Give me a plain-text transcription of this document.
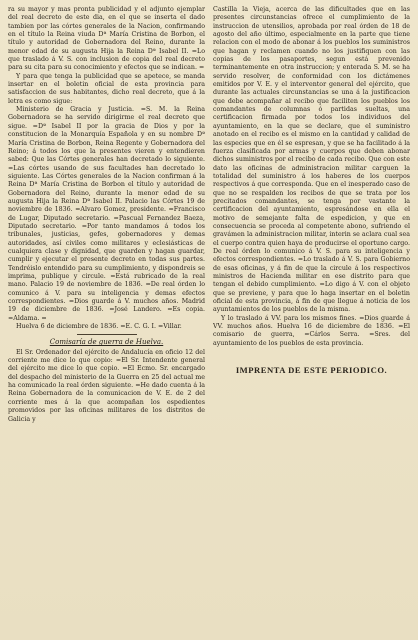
ra su mayor y mas pronta publicidad y el adjunto ejemplar del real decreto de este dia, en el que se inserta el dado tambien por las córtes generales de la Nacion, confirmando en el título la Reina viuda Dª María Cristina de Borbon, el título y autoridad de Gobernadora del Reino, durante la menor edad de su augusta Hija la Reina Dª Isabel II. =Lo que traslado á V. S. con inclusion de copia del real decreto para su cita para su conocimiento y efectos que se indican. =

Y para que tenga la publicidad que se apetece, se manda insertar en el boletin oficial de esta provincia para satisfaccion de sus habitantes, dicho real decreto, que á la letra es como sigue:

Ministerio de Gracia y Justicia. =S. M. la Reina Gobernadora se ha servido dirigirme el real decreto que sigue. =Dª Isabel II por la gracia de Dios y por la constitucion de la Monarquía Española y en su nombre Dª María Cristina de Borbon, Reina Regente y Gobernadora del Reino; á todos los que la presentes vieren y entendieren sabed: Que las Córtes generales han decretado lo siguiente. =Las córtes usando de sus facultades han decretado lo siguiente. Las Córtes generales de la Nacion confirman á la Reina Dª María Cristina de Borbon el título y autoridad de Gobernadora del Reino, durante la menor edad de su augusta Hija la Reina Dª Isabel II. Palacio las Córtes 19 de noviembre de 1836. =Alvaro Gomez, presidente. =Francisco de Lugar, Diputado secretario. =Pascual Fernandez Baeza, Diputado secretario. =Por tanto mandamos á todos los tribunales, justicias, gefes, gobernadores y demas autoridades, así civiles como militares y eclesiásticas de cualquiera clase y dignidad, que guarden y hagan guardar, cumplir y ejecutar el presente decreto en todas sus partes. Tendréislo entendido para su cumplimiento, y dispondreis se imprima, publique y circule. =Está rubricado de la real mano. Palacio 19 de noviembre de 1836. =De real órden lo comunico á V. para su inteligencia y demas efectos correspondientes. =Dios guarde á V. muchos años. Madrid 19 de diciembre de 1836. =José Landero. =Es copia. =Aldama. =

Huelva 6 de diciembre de 1836. =E. C. G. I. =Villar.

Comisaría de guerra de Huelva.

El Sr. Ordenador del ejército de Andalucía en oficio 12 del corriente me dice lo que copio: =El Sr. Intendente general del ejército me dice lo que copio. =El Ecmo. Sr. encargado del despacho del ministerio de la Guerra en 25 del actual me ha comunicado la real órden siguiente. =He dado cuenta á la Reina Gobernadora de la comunicacion de V. E. de 2 del corriente mes á la que acompañan los espedientes promovidos por las oficinas militares de los distritos de Galicia y

Castilla la Vieja, acerca de las dificultades que en las presentes circunstancias ofrece el cumplimiento de la instruccion de utensilios, aprobada por real órden de 18 de agosto del año último, especialmente en la parte que tiene relacion con el modo de abonar á los pueblos los suministros que hagan y reclamen cuando no los justifiquen con las copias de los pasaportes, segun está prevenido terminantemente en otra instruccion; y enterada S. M. se ha servido resolver, de conformidad con los dictámenes emitidos por V. E. y el interventor general del ejército, que durante las actuales circunstancias se una á la justificacion que debe acompañar al recibo que faciliten los pueblos los comandantes de columnas ó partidas sueltas, una certificacion firmada por todos los individuos del ayuntamiento, en la que se declare, que el suministro anotado en el recibo es el mismo en la cantidad y calidad de las especies que en él se espresan, y que se ha facilitado á la fuerza clasificada por armas y cuerpos que deben abonar dichos suministros por el recibo de cada recibo. Que con este dato las oficinas de administracion militar carguen la totalidad del suministro á los haberes de los cuerpos respectivos á que corresponda. Que en el inesperado caso de que no se respalden los recibos de que se trata por los precitados comandantes, se tenga por vastante la certificacion del ayuntamiento, espresándose en ella el motivo de semejante falta de espedicion, y que en consecuencia se proceda al competente abono, sufriendo el gravámen la administracion militar, interin se aclara cual sea el cuerpo contra quien haya de producirse el oportuno cargo. De real órden lo comunico á V. S. para su inteligencia y efectos correspondientes. =Lo traslado á V. S. para Gobierno de esas oficinas, y á fin de que la circule á los respectivos ministros de Hacienda militar en ese distrito para que tengan el debido cumplimiento. =Lo digo á V. con el objeto que se previene, y para que lo haga insertar en el boletin oficial de esta provincia, á fin de que llegue á noticia de los ayuntamientos de los pueblos de la misma.

Y lo traslado á VV. para los mismos fines. =Dios guarde á VV. muchos años. Huelva 16 de diciembre de 1836. =El comisario de guerra, =Cárlos Serra. =Sres. del ayuntamiento de los pueblos de esta provincia.

IMPRENTA DE ESTE PERIODICO.
